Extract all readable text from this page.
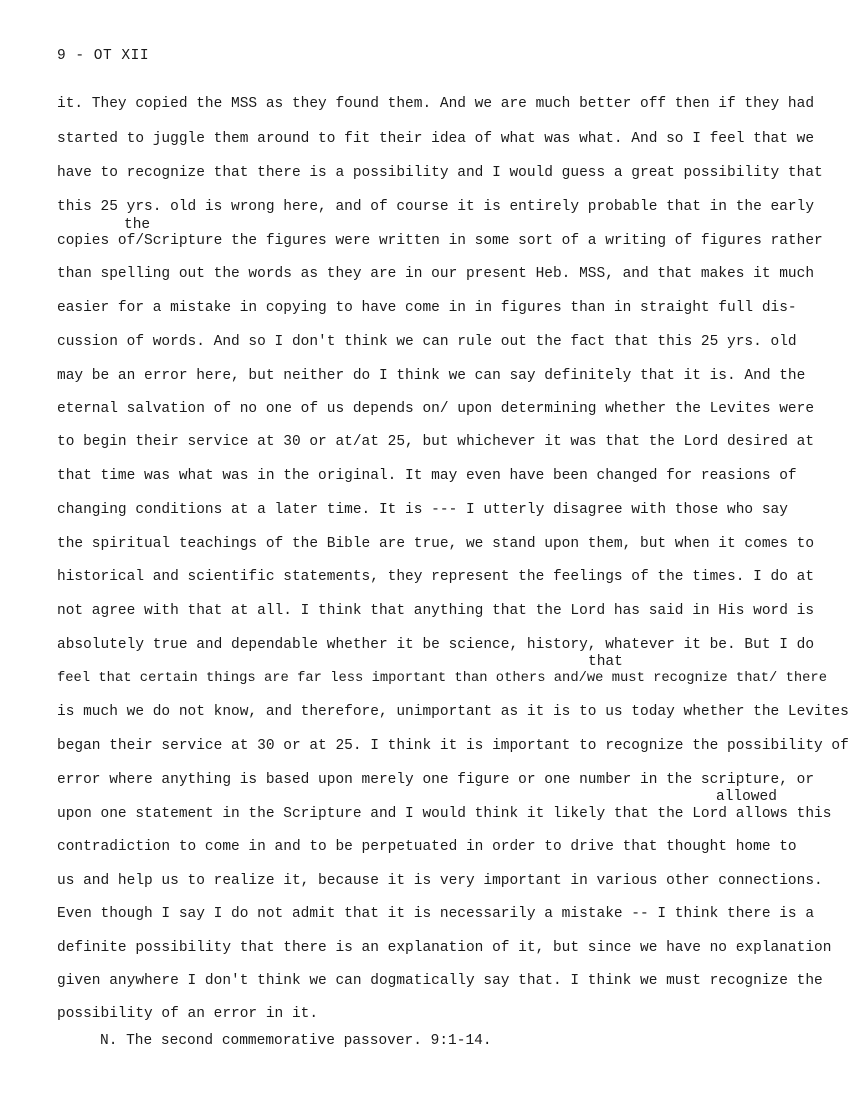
9 - OT XII
it. They copied the MSS as they found them. And we are much better off then if they had
started to juggle them around to fit their idea of what was what. And so I feel that we
have to recognize that there is a possibility and I would guess a great possibility that
this 25 yrs. old is wrong here, and of course it is entirely probable that in the early
the
copies of/Scripture the figures were written in some sort of a writing of figures rather
than spelling out the words as they are in our present Heb. MSS, and that makes it much
easier for a mistake in copying to have come in in figures than in straight full dis-
cussion of words. And so I don't think we can rule out the fact that this 25 yrs. old
may be an error here, but neither do I think we can say definitely that it is. And the
eternal salvation of no one of us depends on/ upon determining whether the Levites were
to begin their service at 30 or at/at 25, but whichever it was that the Lord desired at
that time was what was in the original. It may even have been changed for reasions of
changing conditions at a later time. It is --- I utterly disagree with those who say
the spiritual teachings of the Bible are true, we stand upon them, but when it comes to
historical and scientific statements, they represent the feelings of the times. I do at
not agree with that at all. I think that anything that the Lord has said in His word is
absolutely true and dependable whether it be science, history, whatever it be. But I do
that
feel that certain things are far less important than others and/we must recognize that/ there
is much we do not know, and therefore, unimportant as it is to us today whether the Levites
began their service at 30 or at 25. I think it is important to recognize the possibility of
error where anything is based upon merely one figure or one number in the scripture, or
allowed
upon one statement in the Scripture and I would think it likely that the Lord allows this
contradiction to come in and to be perpetuated in order to drive that thought home to
us and help us to realize it, because it is very important in various other connections.
Even though I say I do not admit that it is necessarily a mistake -- I think there is a
definite possibility that there is an explanation of it, but since we have no explanation
given anywhere I don't think we can dogmatically say that. I think we must recognize the
possibility of an error in it.
N. The second commemorative passover. 9:1-14.
